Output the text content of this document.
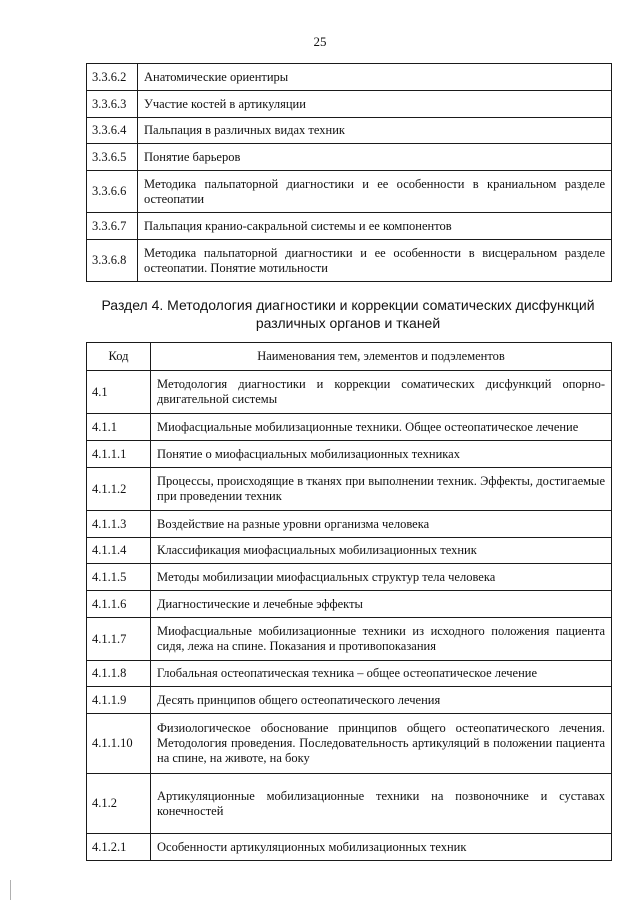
25
3.3.6.2	Анатомические ориентиры
3.3.6.3	Участие костей в артикуляции
3.3.6.4	Пальпация в различных видах техник
3.3.6.5	Понятие барьеров
3.3.6.6	Методика пальпаторной диагностики и ее особенности в краниальном разделе остеопатии
3.3.6.7	Пальпация кранио-сакральной системы и ее компонентов
3.3.6.8	Методика пальпаторной диагностики и ее особенности в висцеральном разделе остеопатии. Понятие мотильности
Раздел 4. Методология диагностики и коррекции соматических дисфункций различных органов и тканей
Код	Наименования тем, элементов и подэлементов
4.1	Методология диагностики и коррекции соматических дисфункций опорно-двигательной системы
4.1.1	Миофасциальные мобилизационные техники. Общее остеопатическое лечение
4.1.1.1	Понятие о миофасциальных мобилизационных техниках
4.1.1.2	Процессы, происходящие в тканях при выполнении техник. Эффекты, достигаемые при проведении техник
4.1.1.3	Воздействие на разные уровни организма человека
4.1.1.4	Классификация миофасциальных мобилизационных техник
4.1.1.5	Методы мобилизации миофасциальных структур тела человека
4.1.1.6	Диагностические и лечебные эффекты
4.1.1.7	Миофасциальные мобилизационные техники из исходного положения пациента сидя, лежа на спине. Показания и противопоказания
4.1.1.8	Глобальная остеопатическая техника – общее остеопатическое лечение
4.1.1.9	Десять принципов общего остеопатического лечения
4.1.1.10	Физиологическое обоснование принципов общего остеопатического лечения. Методология проведения. Последовательность артикуляций в положении пациента на спине, на животе, на боку
4.1.2	Артикуляционные мобилизационные техники на позвоночнике и суставах конечностей
4.1.2.1	Особенности артикуляционных мобилизационных техник
